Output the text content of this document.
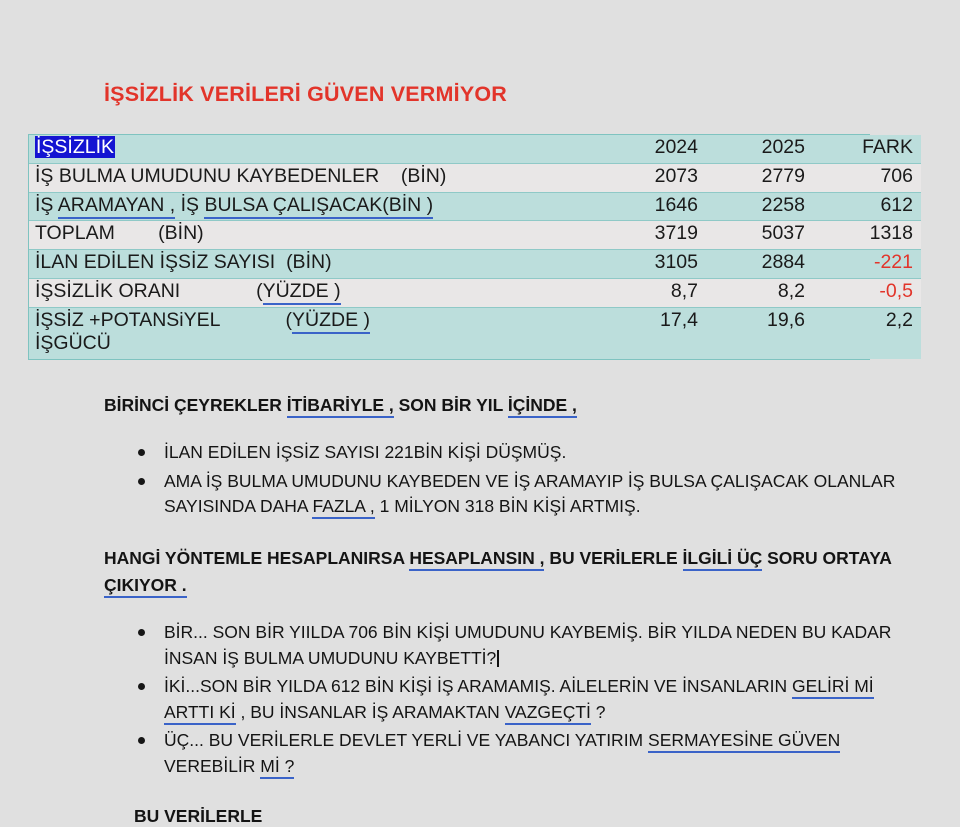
İŞSİZLİK VERİLERİ GÜVEN VERMİYOR
İŞSİZLİK	2024	2025	FARK
İŞ BULMA UMUDUNU KAYBEDENLER (BİN)	2073	2779	706
İŞ ARAMAYAN , İŞ BULSA ÇALIŞACAK(BİN )	1646	2258	612
TOPLAM (BİN)	3719	5037	1318
İLAN EDİLEN İŞSİZ SAYISI (BİN)	3105	2884	-221
İŞSİZLİK ORANI (YÜZDE )	8,7	8,2	-0,5
İŞSİZ +POTANSiYEL (YÜZDE )
İŞGÜCÜ	17,4	19,6	2,2
BİRİNCİ ÇEYREKLER İTİBARİYLE , SON BİR YIL İÇİNDE ,
İLAN EDİLEN İŞSİZ SAYISI 221BİN KİŞİ DÜŞMÜŞ.
AMA İŞ BULMA UMUDUNU KAYBEDEN VE İŞ ARAMAYIP İŞ BULSA ÇALIŞACAK OLANLAR SAYISINDA DAHA FAZLA , 1 MİLYON 318 BİN KİŞİ ARTMIŞ.
HANGİ YÖNTEMLE HESAPLANIRSA HESAPLANSIN , BU VERİLERLE İLGİLİ ÜÇ SORU ORTAYA ÇIKIYOR .
BİR... SON BİR YIILDA 706 BİN KİŞİ UMUDUNU KAYBEMİŞ. BİR YILDA NEDEN BU KADAR İNSAN İŞ BULMA UMUDUNU KAYBETTİ?
İKİ...SON BİR YILDA 612 BİN KİŞİ İŞ ARAMAMIŞ. AİLELERİN VE İNSANLARIN GELİRİ Mİ ARTTI Kİ , BU İNSANLAR İŞ ARAMAKTAN VAZGEÇTİ ?
ÜÇ... BU VERİLERLE DEVLET YERLİ VE YABANCI YATIRIM SERMAYESİNE GÜVEN VEREBİLİR Mİ ?
BU VERİLERLE
